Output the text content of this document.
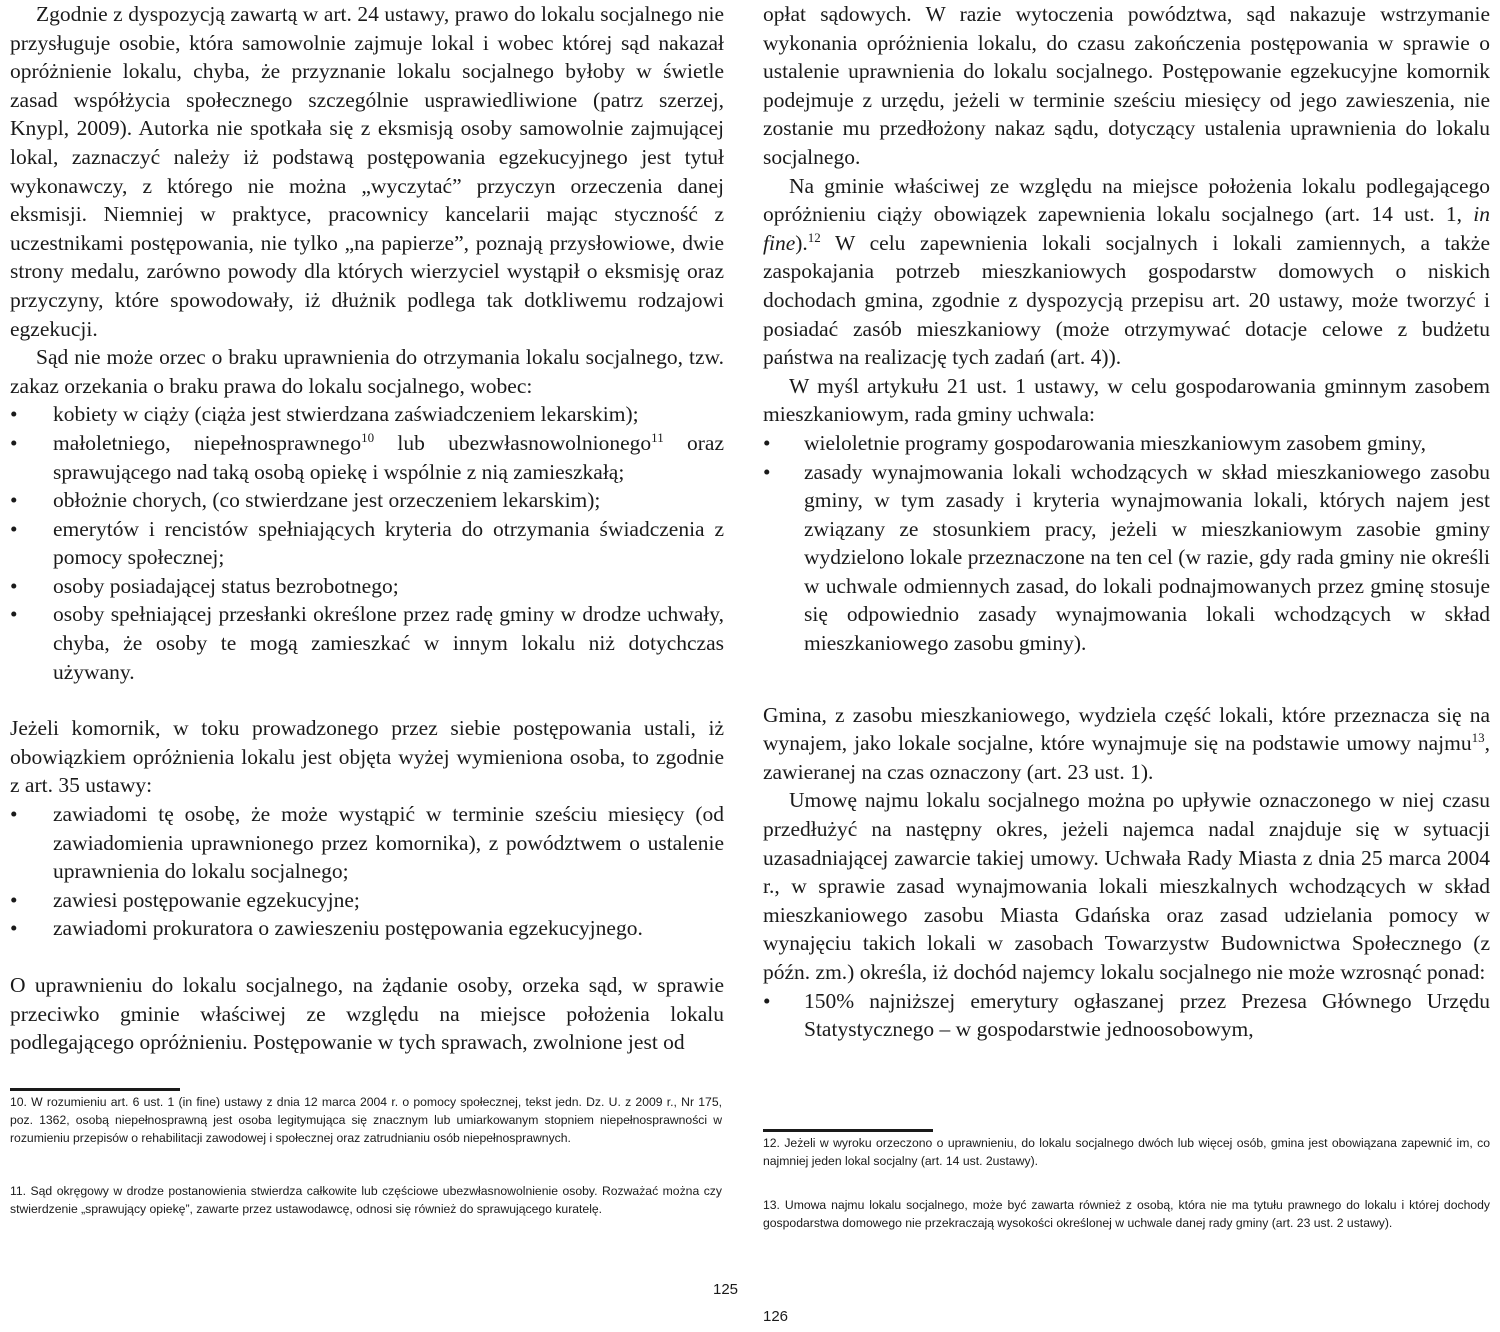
Zgodnie z dyspozycją zawartą w art. 24 ustawy, prawo do lokalu socjalnego nie przysługuje osobie, która samowolnie zajmuje lokal i wobec której sąd nakazał opróżnienie lokalu, chyba, że przyznanie lokalu socjalnego byłoby w świetle zasad współżycia społecznego szczególnie usprawiedliwione (patrz szerzej, Knypl, 2009). Autorka nie spotkała się z eksmisją osoby samowolnie zajmującej lokal, zaznaczyć należy iż podstawą postępowania egzekucyjnego jest tytuł wykonawczy, z którego nie można „wyczytać” przyczyn orzeczenia danej eksmisji. Niemniej w praktyce, pracownicy kancelarii mając styczność z uczestnikami postępowania, nie tylko „na papierze”, poznają przysłowiowe, dwie strony medalu, zarówno powody dla których wierzyciel wystąpił o eksmisję oraz przyczyny, które spowodowały, iż dłużnik podlega tak dotkliwemu rodzajowi egzekucji.

Sąd nie może orzec o braku uprawnienia do otrzymania lokalu socjalnego, tzw. zakaz orzekania o braku prawa do lokalu socjalnego, wobec:

• kobiety w ciąży (ciąża jest stwierdzana zaświadczeniem lekarskim);
• małoletniego, niepełnosprawnego$^{10}$ lub ubezwłasnowolnionego$^{11}$ oraz sprawującego nad taką osobą opiekę i wspólnie z nią zamieszkałą;
• obłożnie chorych, (co stwierdzane jest orzeczeniem lekarskim);
• emerytów i rencistów spełniających kryteria do otrzymania świadczenia z pomocy społecznej;
• osoby posiadającej status bezrobotnego;
• osoby spełniającej przesłanki określone przez radę gminy w drodze uchwały, chyba, że osoby te mogą zamieszkać w innym lokalu niż dotychczas używany.

Jeżeli komornik, w toku prowadzonego przez siebie postępowania ustali, iż obowiązkiem opróżnienia lokalu jest objęta wyżej wymieniona osoba, to zgodnie z art. 35 ustawy:

• zawiadomi tę osobę, że może wystąpić w terminie sześciu miesięcy (od zawiadomienia uprawnionego przez komornika), z powództwem o ustalenie uprawnienia do lokalu socjalnego;
• zawiesi postępowanie egzekucyjne;
• zawiadomi prokuratora o zawieszeniu postępowania egzekucyjnego.

O uprawnieniu do lokalu socjalnego, na żądanie osoby, orzeka sąd, w sprawie przeciwko gminie właściwej ze względu na miejsce położenia lokalu podlegającego opróżnieniu. Postępowanie w tych sprawach, zwolnione jest od

10. W rozumieniu art. 6 ust. 1 (in fine) ustawy z dnia 12 marca 2004 r. o pomocy społecznej, tekst jedn. Dz. U. z 2009 r., Nr 175, poz. 1362, osobą niepełnosprawną jest osoba legitymująca się znacznym lub umiarkowanym stopniem niepełnosprawności w rozumieniu przepisów o rehabilitacji zawodowej i społecznej oraz zatrudnianiu osób niepełnosprawnych.
11. Sąd okręgowy w drodze postanowienia stwierdza całkowite lub częściowe ubezwłasnowolnienie osoby. Rozważać można czy stwierdzenie „sprawujący opiekę”, zawarte przez ustawodawcę, odnosi się również do sprawującego kuratelę.
125

opłat sądowych. W razie wytoczenia powództwa, sąd nakazuje wstrzymanie wykonania opróżnienia lokalu, do czasu zakończenia postępowania w sprawie o ustalenie uprawnienia do lokalu socjalnego. Postępowanie egzekucyjne komornik podejmuje z urzędu, jeżeli w terminie sześciu miesięcy od jego zawieszenia, nie zostanie mu przedłożony nakaz sądu, dotyczący ustalenia uprawnienia do lokalu socjalnego.

Na gminie właściwej ze względu na miejsce położenia lokalu podlegającego opróżnieniu ciąży obowiązek zapewnienia lokalu socjalnego (art. 14 ust. 1, in fine).$^{12}$ W celu zapewnienia lokali socjalnych i lokali zamiennych, a także zaspokajania potrzeb mieszkaniowych gospodarstw domowych o niskich dochodach gmina, zgodnie z dyspozycją przepisu art. 20 ustawy, może tworzyć i posiadać zasób mieszkaniowy (może otrzymywać dotacje celowe z budżetu państwa na realizację tych zadań (art. 4)).

W myśl artykułu 21 ust. 1 ustawy, w celu gospodarowania gminnym zasobem mieszkaniowym, rada gminy uchwala:

• wieloletnie programy gospodarowania mieszkaniowym zasobem gminy,
• zasady wynajmowania lokali wchodzących w skład mieszkaniowego zasobu gminy, w tym zasady i kryteria wynajmowania lokali, których najem jest związany ze stosunkiem pracy, jeżeli w mieszkaniowym zasobie gminy wydzielono lokale przeznaczone na ten cel (w razie, gdy rada gminy nie określi w uchwale odmiennych zasad, do lokali podnajmowanych przez gminę stosuje się odpowiednio zasady wynajmowania lokali wchodzących w skład mieszkaniowego zasobu gminy).

Gmina, z zasobu mieszkaniowego, wydziela część lokali, które przeznacza się na wynajem, jako lokale socjalne, które wynajmuje się na podstawie umowy najmu$^{13}$, zawieranej na czas oznaczony (art. 23 ust. 1).

Umowę najmu lokalu socjalnego można po upływie oznaczonego w niej czasu przedłużyć na następny okres, jeżeli najemca nadal znajduje się w sytuacji uzasadniającej zawarcie takiej umowy. Uchwała Rady Miasta z dnia 25 marca 2004 r., w sprawie zasad wynajmowania lokali mieszkalnych wchodzących w skład mieszkaniowego zasobu Miasta Gdańska oraz zasad udzielania pomocy w wynajęciu takich lokali w zasobach Towarzystw Budownictwa Społecznego (z późn. zm.) określa, iż dochód najemcy lokalu socjalnego nie może wzrosnąć ponad:

• 150% najniższej emerytury ogłaszanej przez Prezesa Głównego Urzędu Statystycznego – w gospodarstwie jednoosobowym,
12. Jeżeli w wyroku orzeczono o uprawnieniu, do lokalu socjalnego dwóch lub więcej osób, gmina jest obowiązana zapewnić im, co najmniej jeden lokal socjalny (art. 14 ust. 2ustawy).
13. Umowa najmu lokalu socjalnego, może być zawarta również z osobą, która nie ma tytułu prawnego do lokalu i której dochody gospodarstwa domowego nie przekraczają wysokości określonej w uchwale danej rady gminy (art. 23 ust. 2 ustawy).
126
